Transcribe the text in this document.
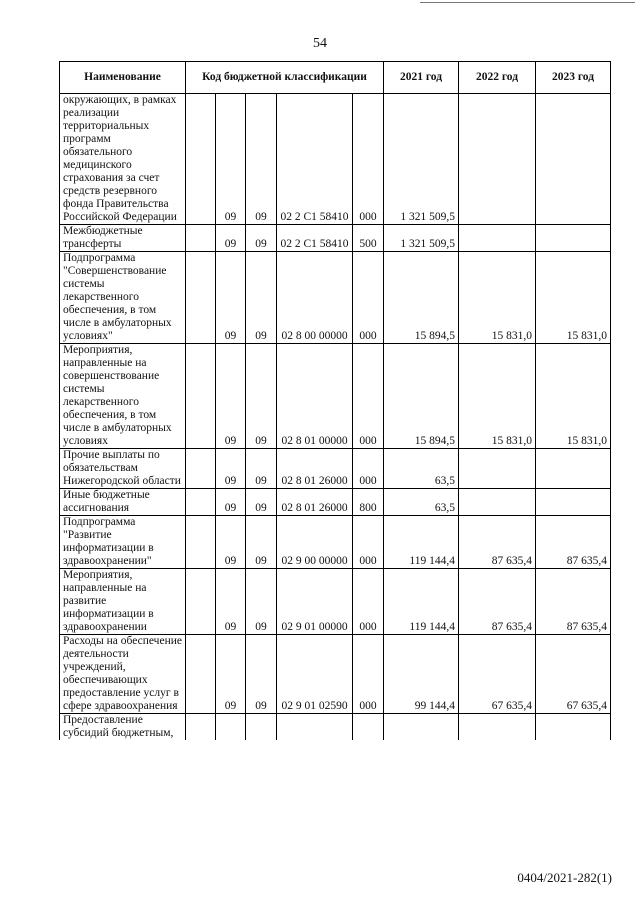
54
Наименование	Код бюджетной классификации					2021 год	2022 год	2023 год
окружающих, в рамках реализации территориальных программ обязательного медицинского страхования за счет средств резервного фонда Правительства Российской Федерации		09	09	02 2 С1 58410	000	1 321 509,5		
Межбюджетные трансферты		09	09	02 2 С1 58410	500	1 321 509,5		
Подпрограмма "Совершенствование системы лекарственного обеспечения, в том числе в амбулаторных условиях"		09	09	02 8 00 00000	000	15 894,5	15 831,0	15 831,0
Мероприятия, направленные на совершенствование системы лекарственного обеспечения, в том числе в амбулаторных условиях		09	09	02 8 01 00000	000	15 894,5	15 831,0	15 831,0
Прочие выплаты по обязательствам Нижегородской области		09	09	02 8 01 26000	000	63,5		
Иные бюджетные ассигнования		09	09	02 8 01 26000	800	63,5		
Подпрограмма "Развитие информатизации в здравоохранении"		09	09	02 9 00 00000	000	119 144,4	87 635,4	87 635,4
Мероприятия, направленные на развитие информатизации в здравоохранении		09	09	02 9 01 00000	000	119 144,4	87 635,4	87 635,4
Расходы на обеспечение деятельности учреждений, обеспечивающих предоставление услуг в сфере здравоохранения		09	09	02 9 01 02590	000	99 144,4	67 635,4	67 635,4
Предоставление субсидий бюджетным,								
0404/2021-282(1)
